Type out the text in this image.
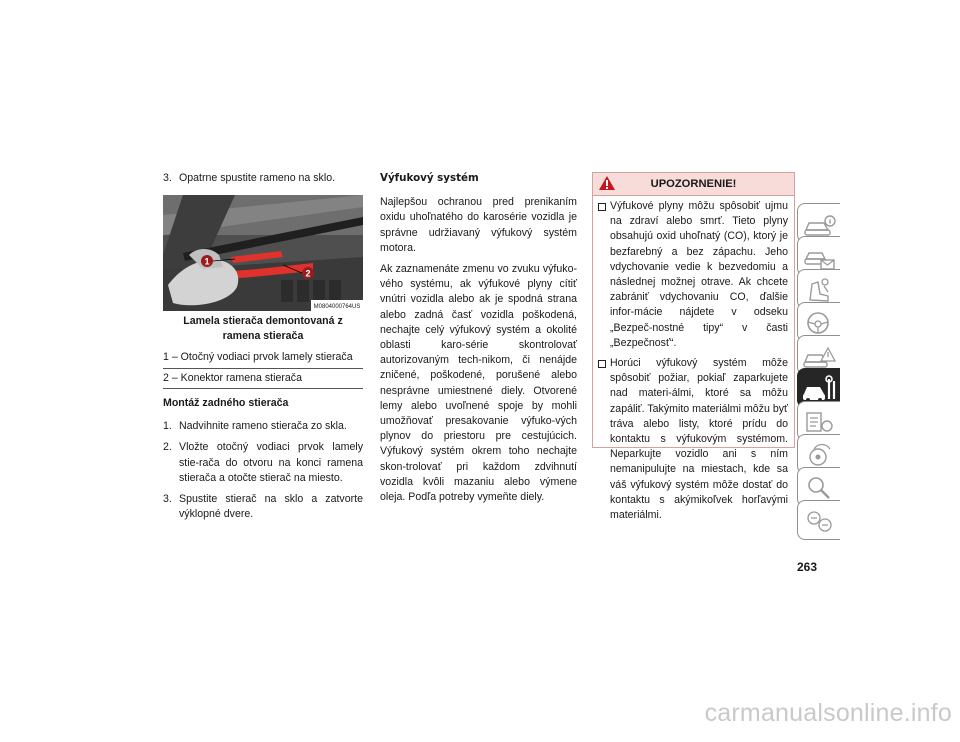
3. Opatrne spustite rameno na sklo.

1
2
M0804000764US

Lamela stierača demontovaná z ramena stierača

1 – Otočný vodiaci prvok lamely stierača

2 – Konektor ramena stierača

Montáž zadného stierača

1. Nadvihnite rameno stierača zo skla.

2. Vložte otočný vodiaci prvok lamely stie-rača do otvoru na konci ramena stierača a otočte stierač na miesto.

3. Spustite stierač na sklo a zatvorte výklopné dvere.

Výfukový systém

Najlepšou ochranou pred prenikaním oxidu uhoľnatého do karosérie vozidla je správne udržiavaný výfukový systém motora.

Ak zaznamenáte zmenu vo zvuku výfuko-vého systému, ak výfukové plyny cítiť vnútri vozidla alebo ak je spodná strana alebo zadná časť vozidla poškodená, nechajte celý výfukový systém a okolité oblasti karo-série skontrolovať autorizovaným tech-nikom, či nenájde zničené, poškodené, porušené alebo nesprávne umiestnené diely. Otvorené lemy alebo uvoľnené spoje by mohli umožňovať presakovanie výfuko-vých plynov do priestoru pre cestujúcich. Výfukový systém okrem toho nechajte skon-trolovať pri každom zdvihnutí vozidla kvôli mazaniu alebo výmene oleja. Podľa potreby vymeňte diely.

UPOZORNENIE!

Výfukové plyny môžu spôsobiť ujmu na zdraví alebo smrť. Tieto plyny obsahujú oxid uhoľnatý (CO), ktorý je bezfarebný a bez zápachu. Jeho vdychovanie vedie k bezvedomiu a následnej možnej otrave. Ak chcete zabrániť vdychovaniu CO, ďalšie infor-mácie nájdete v odseku „Bezpeč-nostné tipy“ v časti „Bezpečnosť“.

Horúci výfukový systém môže spôsobiť požiar, pokiaľ zaparkujete nad materi-álmi, ktoré sa môžu zapáliť. Takýmito materiálmi môžu byť tráva alebo listy, ktoré prídu do kontaktu s výfukovým systémom. Neparkujte vozidlo ani s ním nemanipulujte na miestach, kde sa váš výfukový systém môže dostať do kontaktu s akýmikoľvek horľavými materiálmi.

263
carmanualsonline.info
